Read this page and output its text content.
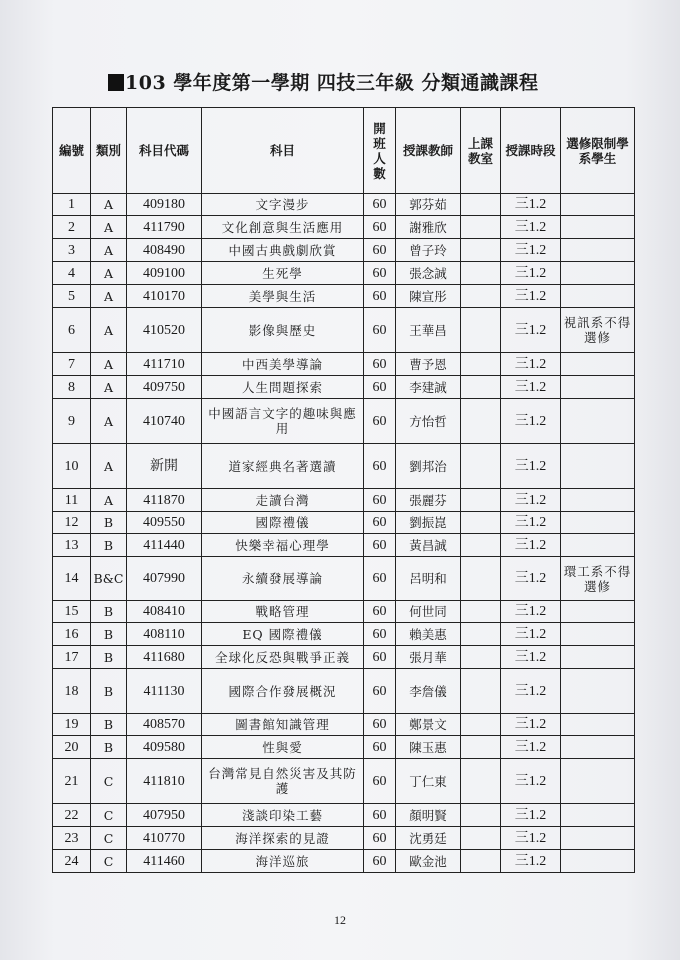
103 學年度第一學期 四技三年級 分類通識課程
編號	類別	科目代碼	科目	開班人數	授課教師	上課教室	授課時段	選修限制學系學生
1	A	409180	文字漫步	60	郭芬茹		三1.2	
2	A	411790	文化創意與生活應用	60	謝雅欣		三1.2	
3	A	408490	中國古典戲劇欣賞	60	曾子玲		三1.2	
4	A	409100	生死學	60	張念誠		三1.2	
5	A	410170	美學與生活	60	陳宣彤		三1.2	
6	A	410520	影像與歷史	60	王華昌		三1.2	視訊系不得選修
7	A	411710	中西美學導論	60	曹予恩		三1.2	
8	A	409750	人生問題探索	60	李建誠		三1.2	
9	A	410740	中國語言文字的趣味與應用	60	方怡哲		三1.2	
10	A	新開	道家經典名著選讀	60	劉邦治		三1.2	
11	A	411870	走讀台灣	60	張麗芬		三1.2	
12	B	409550	國際禮儀	60	劉振崑		三1.2	
13	B	411440	快樂幸福心理學	60	黃昌誠		三1.2	
14	B&C	407990	永續發展導論	60	呂明和		三1.2	環工系不得選修
15	B	408410	戰略管理	60	何世同		三1.2	
16	B	408110	EQ 國際禮儀	60	賴美惠		三1.2	
17	B	411680	全球化反恐與戰爭正義	60	張月華		三1.2	
18	B	411130	國際合作發展概況	60	李詹儀		三1.2	
19	B	408570	圖書館知識管理	60	鄭景文		三1.2	
20	B	409580	性與愛	60	陳玉惠		三1.2	
21	C	411810	台灣常見自然災害及其防護	60	丁仁東		三1.2	
22	C	407950	淺談印染工藝	60	顏明賢		三1.2	
23	C	410770	海洋探索的見證	60	沈勇廷		三1.2	
24	C	411460	海洋巡旅	60	歐金池		三1.2	
12
